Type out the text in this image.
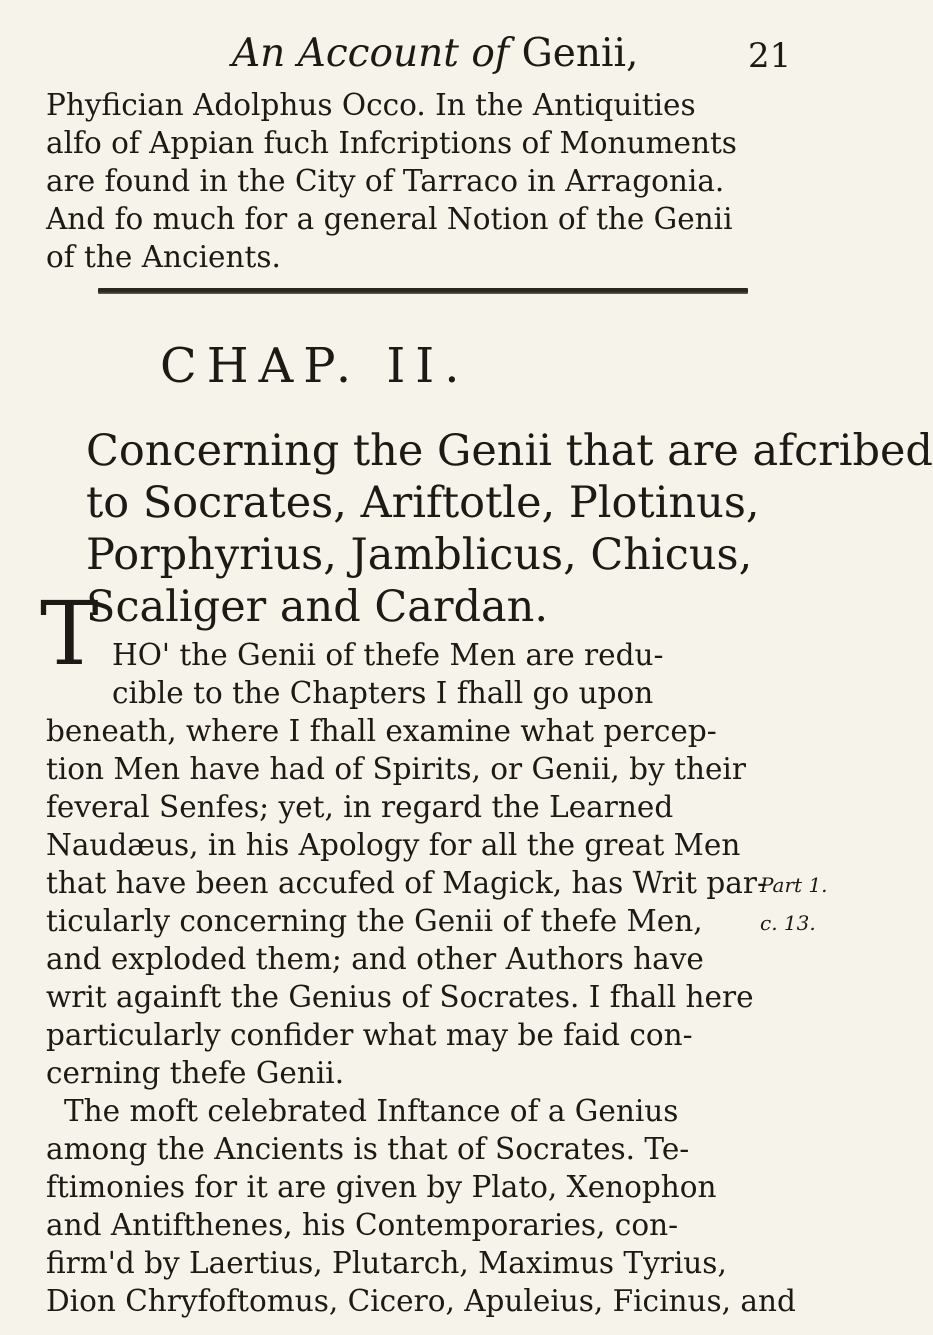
An Account of Genii,	21
Phyfician Adolphus Occo. In the Antiquities
alfo of Appian fuch Infcriptions of Monuments
are found in the City of Tarraco in Arragonia.
And fo much for a general Notion of the Genii
of the Ancients.
CHAP. II.
Concerning the Genii that are afcribed
to Socrates, Ariftotle, Plotinus,
Porphyrius, Jamblicus, Chicus,
Scaliger and Cardan.
T HO' the Genii of thefe Men are redu-
cible to the Chapters I fhall go upon
beneath, where I fhall examine what percep-
tion Men have had of Spirits, or Genii, by their
feveral Senfes; yet, in regard the Learned
Naudæus, in his Apology for all the great Men
that have been accufed of Magick, has Writ par-
ticularly concerning the Genii of thefe Men,
and exploded them; and other Authors have
writ againft the Genius of Socrates. I fhall here
particularly confider what may be faid con-
cerning thefe Genii.
The moft celebrated Inftance of a Genius
among the Ancients is that of Socrates. Te-
ftimonies for it are given by Plato, Xenophon
and Antifthenes, his Contemporaries, con-
firm'd by Laertius, Plutarch, Maximus Tyrius,
Dion Chryfoftomus, Cicero, Apuleius, Ficinus, and
Part 1.
c. 13.
